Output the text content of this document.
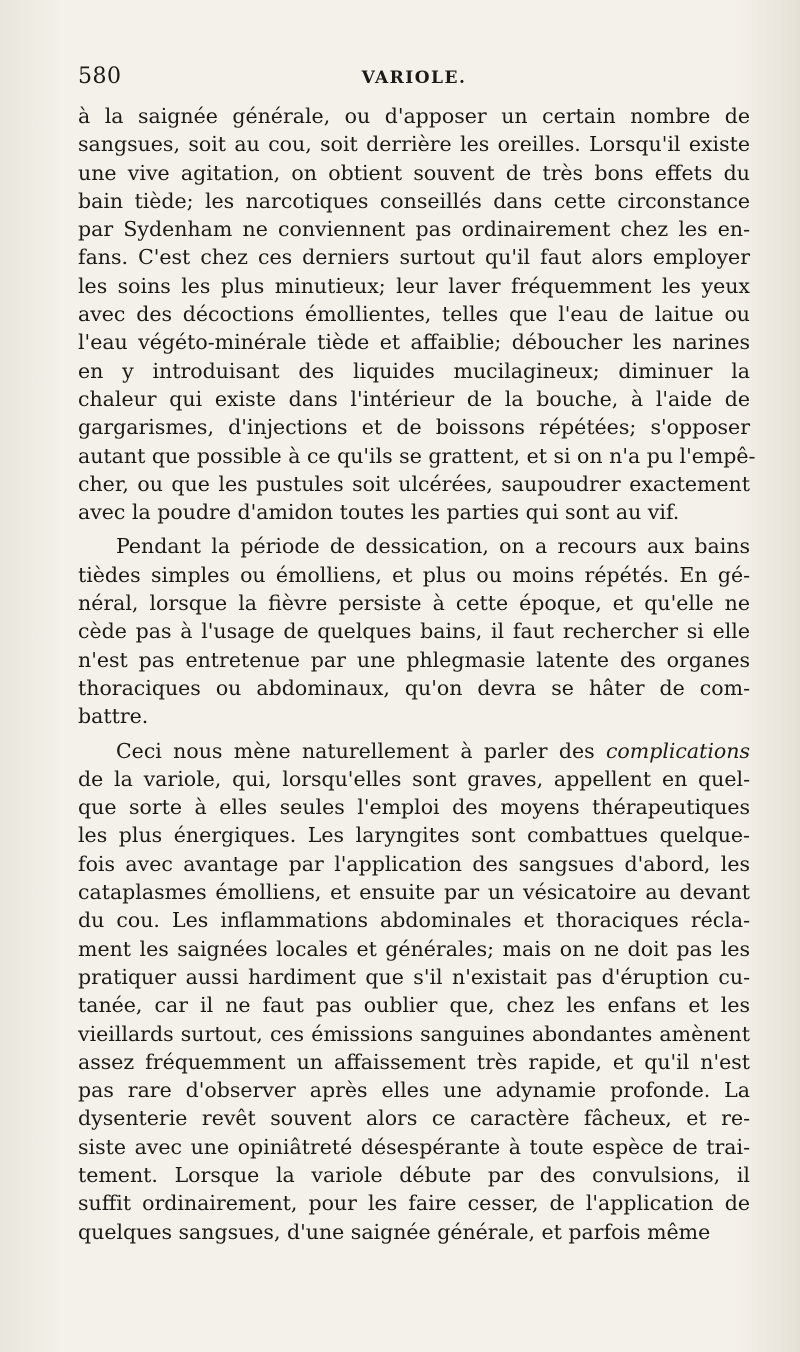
580	VARIOLE.
à la saignée générale, ou d'apposer un certain nombre de
sangsues, soit au cou, soit derrière les oreilles. Lorsqu'il existe
une vive agitation, on obtient souvent de très bons effets du
bain tiède; les narcotiques conseillés dans cette circonstance
par Sydenham ne conviennent pas ordinairement chez les en-
fans. C'est chez ces derniers surtout qu'il faut alors employer
les soins les plus minutieux; leur laver fréquemment les yeux
avec des décoctions émollientes, telles que l'eau de laitue ou
l'eau végéto-minérale tiède et affaiblie; déboucher les narines
en y introduisant des liquides mucilagineux; diminuer la
chaleur qui existe dans l'intérieur de la bouche, à l'aide de
gargarismes, d'injections et de boissons répétées; s'opposer
autant que possible à ce qu'ils se grattent, et si on n'a pu l'empê-
cher, ou que les pustules soit ulcérées, saupoudrer exactement
avec la poudre d'amidon toutes les parties qui sont au vif.
Pendant la période de dessication, on a recours aux bains
tièdes simples ou émolliens, et plus ou moins répétés. En gé-
néral, lorsque la fièvre persiste à cette époque, et qu'elle ne
cède pas à l'usage de quelques bains, il faut rechercher si elle
n'est pas entretenue par une phlegmasie latente des organes
thoraciques ou abdominaux, qu'on devra se hâter de com-
battre.
Ceci nous mène naturellement à parler des complications
de la variole, qui, lorsqu'elles sont graves, appellent en quel-
que sorte à elles seules l'emploi des moyens thérapeutiques
les plus énergiques. Les laryngites sont combattues quelque-
fois avec avantage par l'application des sangsues d'abord, les
cataplasmes émolliens, et ensuite par un vésicatoire au devant
du cou. Les inflammations abdominales et thoraciques récla-
ment les saignées locales et générales; mais on ne doit pas les
pratiquer aussi hardiment que s'il n'existait pas d'éruption cu-
tanée, car il ne faut pas oublier que, chez les enfans et les
vieillards surtout, ces émissions sanguines abondantes amènent
assez fréquemment un affaissement très rapide, et qu'il n'est
pas rare d'observer après elles une adynamie profonde. La
dysenterie revêt souvent alors ce caractère fâcheux, et re-
siste avec une opiniâtreté désespérante à toute espèce de trai-
tement. Lorsque la variole débute par des convulsions, il
suffit ordinairement, pour les faire cesser, de l'application de
quelques sangsues, d'une saignée générale, et parfois même
